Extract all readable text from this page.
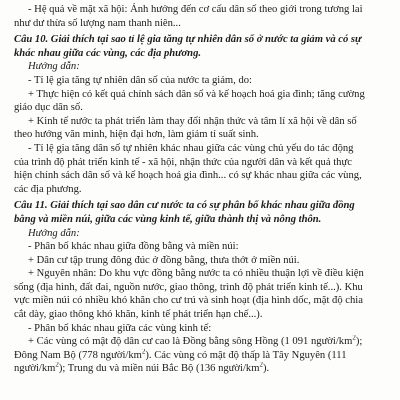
- Hệ quả về mặt xã hội: Ảnh hưởng đến cơ cấu dân số theo giới trong tương lai
như dư thừa số lượng nam thanh niên...
Câu 10. Giải thích tại sao tỉ lệ gia tăng tự nhiên dân số ở nước ta giảm và có sự
khác nhau giữa các vùng, các địa phương.
Hướng dẫn:
- Tỉ lệ gia tăng tự nhiên dân số của nước ta giảm, do:
+ Thực hiện có kết quả chính sách dân số và kế hoạch hoá gia đình; tăng cường
giáo dục dân số.
+ Kinh tế nước ta phát triển làm thay đổi nhận thức và tâm lí xã hội về dân số
theo hướng văn minh, hiện đại hơn, làm giảm tỉ suất sinh.
- Tỉ lệ gia tăng dân số tự nhiên khác nhau giữa các vùng chủ yếu do tác động
của trình độ phát triển kinh tế - xã hội, nhận thức của người dân và kết quả thực
hiện chính sách dân số và kế hoạch hoá gia đình... có sự khác nhau giữa các vùng,
các địa phương.
Câu 11. Giải thích tại sao dân cư nước ta có sự phân bố khác nhau giữa đồng
bằng và miền núi, giữa các vùng kinh tế, giữa thành thị và nông thôn.
Hướng dẫn:
- Phân bố khác nhau giữa đồng bằng và miền núi:
+ Dân cư tập trung đông đúc ở đồng bằng, thưa thớt ở miền núi.
+ Nguyên nhân: Do khu vực đồng bằng nước ta có nhiều thuận lợi về điều kiện
sống (địa hình, đất đai, nguồn nước, giao thông, trình độ phát triển kinh tế...). Khu
vực miền núi có nhiều khó khăn cho cư trú và sinh hoạt (địa hình dốc, mặt độ chia
cắt dày, giao thông khó khăn, kinh tế phát triển hạn chế...).
- Phân bố khác nhau giữa các vùng kinh tế:
+ Các vùng có mật độ dân cư cao là Đồng bằng sông Hồng (1 091 người/$km^2$);
Đông Nam Bộ (778 người/$km^2$). Các vùng có mật độ thấp là Tây Nguyên (111
người/$km^2$); Trung du và miền núi Bắc Bộ (136 người/$km^2$).
